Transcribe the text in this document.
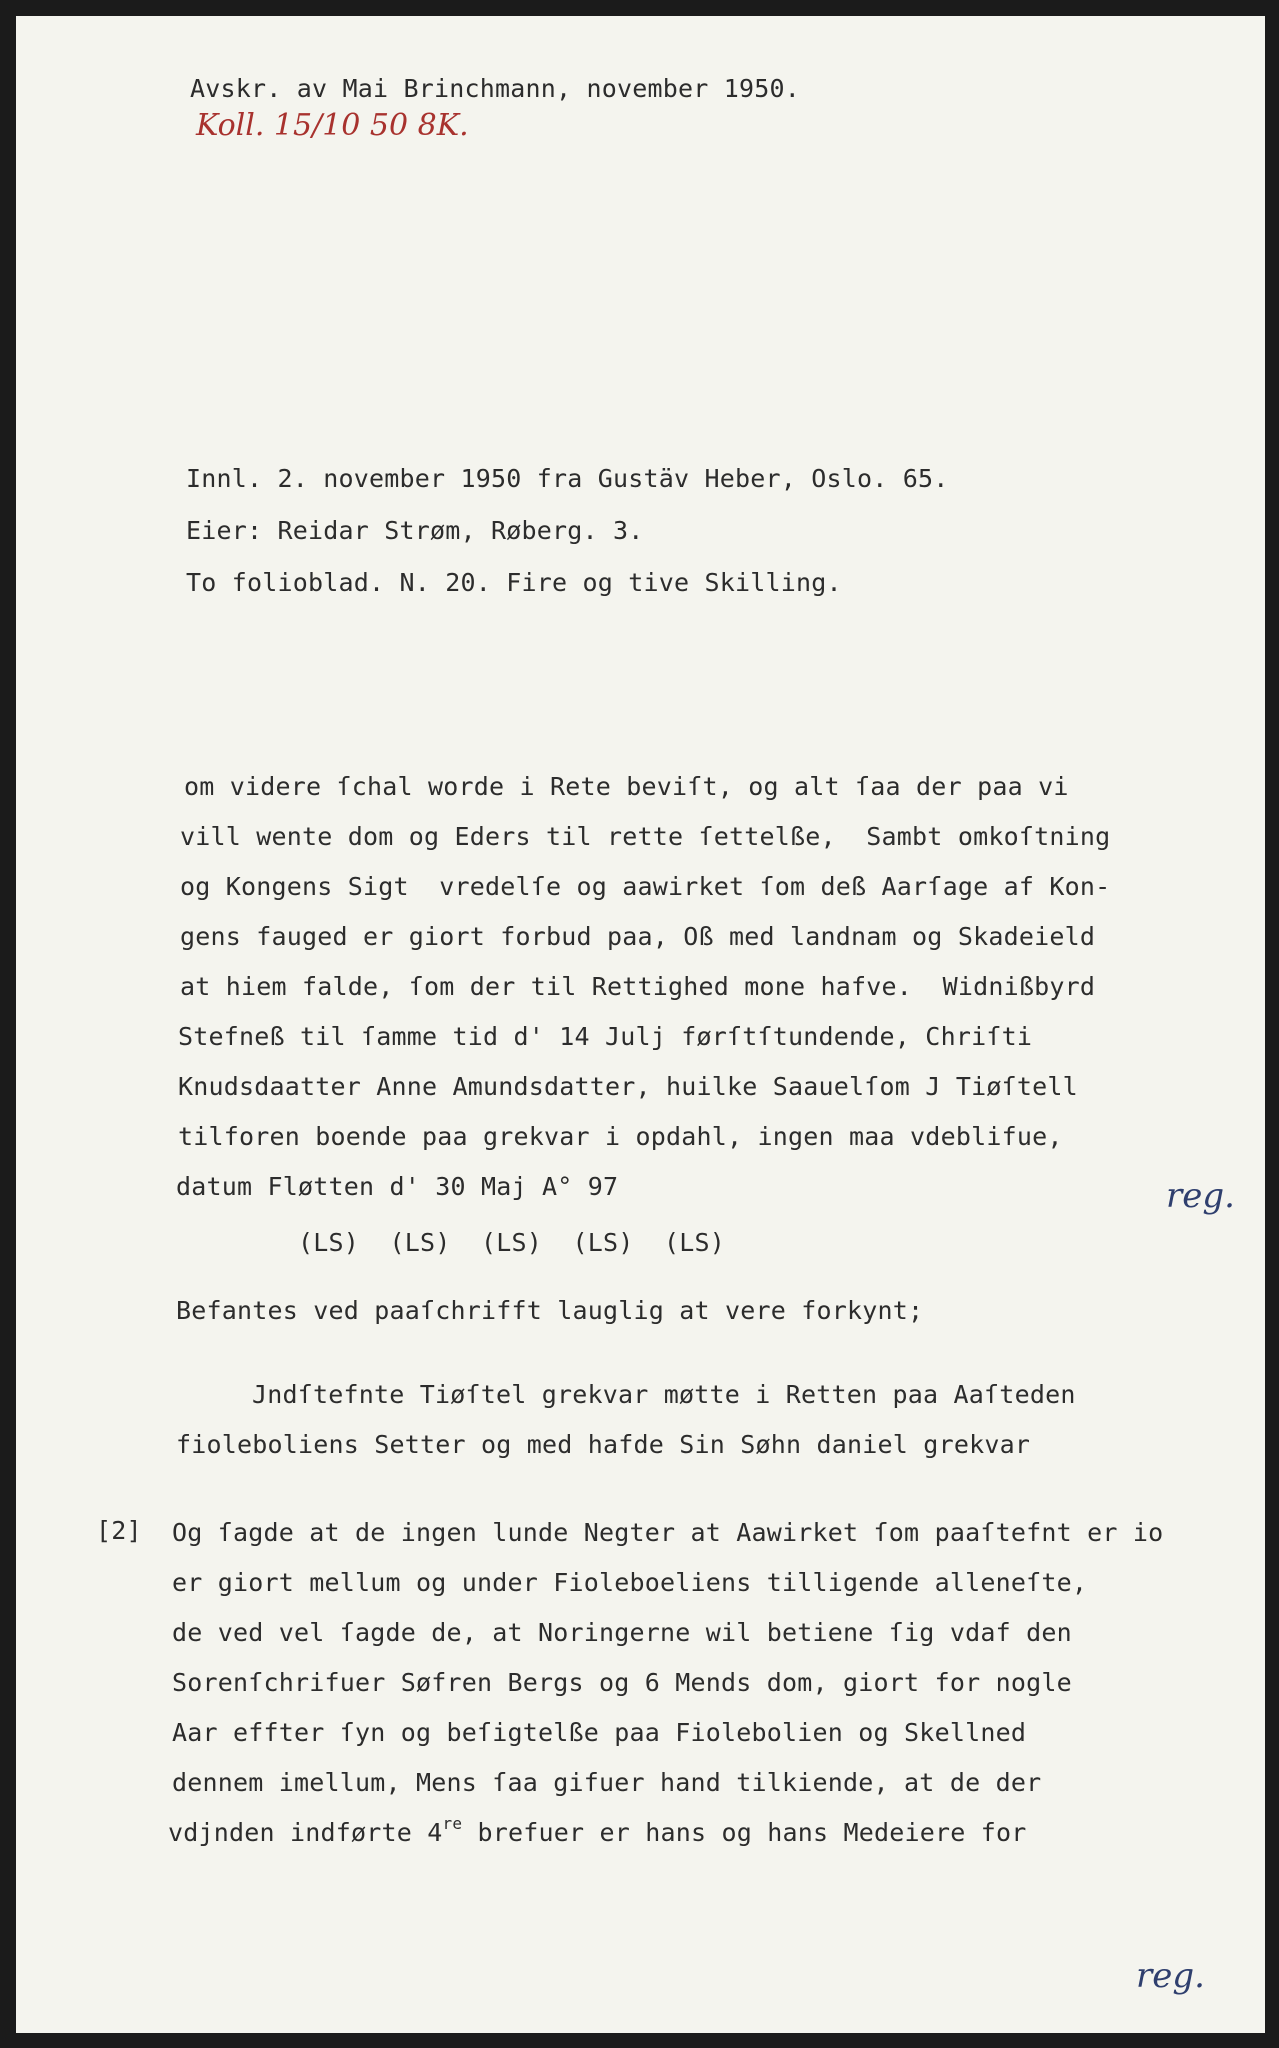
Avskr. av Mai Brinchmann, november 1950.
Koll. 15/10 50 8K.
Innl. 2. november 1950 fra Gustäv Heber, Oslo. 65.
Eier: Reidar Strøm, Røberg. 3.
To folioblad. N. 20. Fire og tive Skilling.
om videre ſchal worde i Rete beviſt, og alt ſaa der paa vi
vill wente dom og Eders til rette ſettelße,  Sambt omkoſtning
og Kongens Sigt  vredelſe og aawirket ſom deß Aarſage af Kon-
gens fauged er giort forbud paa, Oß med landnam og Skadeield
at hiem falde, ſom der til Rettighed mone hafve.  Widnißbyrd
Stefneß til ſamme tid d' 14 Julj førſtſtundende, Chriſti
Knudsdaatter Anne Amundsdatter, huilke Saauelſom J Tiøſtell
tilforen boende paa grekvar i opdahl, ingen maa vdeblifue,
datum Fløtten d' 30 Maj A° 97
(LS)  (LS)  (LS)  (LS)  (LS)
Befantes ved paaſchrifft lauglig at vere forkynt;
Jndſtefnte Tiøſtel grekvar møtte i Retten paa Aaſteden
fioleboliens Setter og med hafde Sin Søhn daniel grekvar
[2] Og ſagde at de ingen lunde Negter at Aawirket ſom paaſtefnt er io
er giort mellum og under Fioleboeliens tilligende alleneſte,
de ved vel ſagde de, at Noringerne wil betiene ſig vdaf den
Sorenſchrifuer Søfren Bergs og 6 Mends dom, giort for nogle
Aar effter ſyn og beſigtelße paa Fiolebolien og Skellned
dennem imellum, Mens ſaa gifuer hand tilkiende, at de der
vdjnden indførte 4re brefuer er hans og hans Medeiere for
reg.
reg.
